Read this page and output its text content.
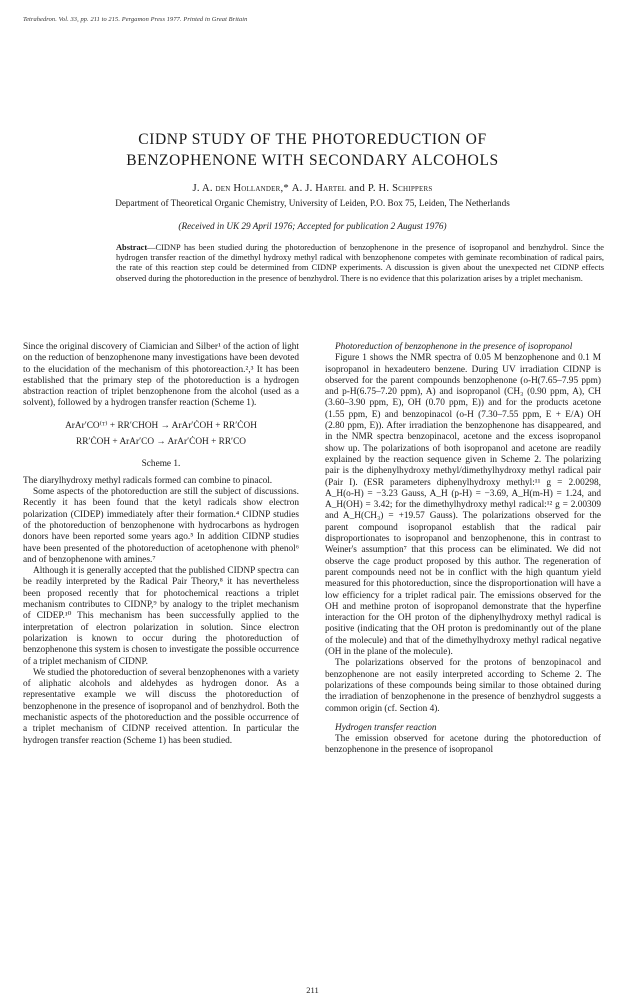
Tetrahedron. Vol. 33, pp. 211 to 215. Pergamon Press 1977. Printed in Great Britain
CIDNP STUDY OF THE PHOTOREDUCTION OF
BENZOPHENONE WITH SECONDARY ALCOHOLS
J. A. den Hollander,* A. J. Hartel and P. H. Schippers
Department of Theoretical Organic Chemistry, University of Leiden, P.O. Box 75, Leiden, The Netherlands
(Received in UK 29 April 1976; Accepted for publication 2 August 1976)
Abstract—CIDNP has been studied during the photoreduction of benzophenone in the presence of isopropanol and benzhydrol. Since the hydrogen transfer reaction of the dimethyl hydroxy methyl radical with benzophenone competes with geminate recombination of radical pairs, the rate of this reaction step could be determined from CIDNP experiments. A discussion is given about the unexpected net CIDNP effects observed during the photoreduction in the presence of benzhydrol. There is no evidence that this polarization arises by a triplet mechanism.

Since the original discovery of Ciamician and Silber¹ of the action of light on the reduction of benzophenone many investigations have been devoted to the elucidation of the mechanism of this photoreaction.²,³ It has been established that the primary step of the photoreduction is a hydrogen abstraction reaction of triplet benzophenone from the alcohol (used as a solvent), followed by a hydrogen transfer reaction (Scheme 1).

ArAr′CO⁽ᵀ⁾ + RR′CHOH → ArAr′ĊOH + RR′ĊOH
RR′ĊOH + ArAr′CO → ArAr′ĊOH + RR′CO
Scheme 1.

The diarylhydroxy methyl radicals formed can combine to pinacol.

Some aspects of the photoreduction are still the subject of discussions. Recently it has been found that the ketyl radicals show electron polarization (CIDEP) immediately after their formation.⁴ CIDNP studies of the photoreduction of benzophenone with hydrocarbons as hydrogen donors have been reported some years ago.⁵ In addition CIDNP studies have been presented of the photoreduction of acetophenone with phenol⁶ and of benzophenone with amines.⁷

Although it is generally accepted that the published CIDNP spectra can be readily interpreted by the Radical Pair Theory,⁸ it has nevertheless been proposed recently that for photochemical reactions a triplet mechanism contributes to CIDNP,⁹ by analogy to the triplet mechanism of CIDEP.¹⁰ This mechanism has been successfully applied to the interpretation of electron polarization in solution. Since electron polarization is known to occur during the photoreduction of benzophenone this system is chosen to investigate the possible occurrence of a triplet mechanism of CIDNP.

We studied the photoreduction of several benzophenones with a variety of aliphatic alcohols and aldehydes as hydrogen donor. As a representative example we will discuss the photoreduction of benzophenone in the presence of isopropanol and of benzhydrol. Both the mechanistic aspects of the photoreduction and the possible occurrence of a triplet mechanism of CIDNP received attention. In particular the hydrogen transfer reaction (Scheme 1) has been studied.

Photoreduction of benzophenone in the presence of isopropanol

Figure 1 shows the NMR spectra of 0.05 M benzophenone and 0.1 M isopropanol in hexadeutero benzene. During UV irradiation CIDNP is observed for the parent compounds benzophenone (o-H(7.65–7.95 ppm) and p-H(6.75–7.20 ppm), A) and isopropanol (CH₃ (0.90 ppm, A), CH (3.60–3.90 ppm, E), OH (0.70 ppm, E)) and for the products acetone (1.55 ppm, E) and benzopinacol (o-H (7.30–7.55 ppm, E + E/A) OH (2.80 ppm, E)). After irradiation the benzophenone has disappeared, and in the NMR spectra benzopinacol, acetone and the excess isopropanol show up. The polarizations of both isopropanol and acetone are readily explained by the reaction sequence given in Scheme 2. The polarizing pair is the diphenylhydroxy methyl/dimethylhydroxy methyl radical pair (Pair I). (ESR parameters diphenylhydroxy methyl:¹¹ g = 2.00298, A_H(o-H) = −3.23 Gauss, A_H (p-H) = −3.69, A_H(m-H) = 1.24, and A_H(OH) = 3.42; for the dimethylhydroxy methyl radical:¹² g = 2.00309 and A_H(CH₃) = +19.57 Gauss). The polarizations observed for the parent compound isopropanol establish that the radical pair disproportionates to isopropanol and benzophenone, this in contrast to Weiner's assumption⁷ that this process can be eliminated. We did not observe the cage product proposed by this author. The regeneration of parent compounds need not be in conflict with the high quantum yield measured for this photoreduction, since the disproportionation will have a low efficiency for a triplet radical pair. The emissions observed for the OH and methine proton of isopropanol demonstrate that the hyperfine interaction for the OH proton of the diphenylhydroxy methyl radical is positive (indicating that the OH proton is predominantly out of the plane of the molecule) and that of the dimethylhydroxy methyl radical negative (OH in the plane of the molecule).

The polarizations observed for the protons of benzopinacol and benzophenone are not easily interpreted according to Scheme 2. The polarizations of these compounds being similar to those obtained during the irradiation of benzophenone in the presence of benzhydrol suggests a common origin (cf. Section 4).

Hydrogen transfer reaction

The emission observed for acetone during the photoreduction of benzophenone in the presence of isopropanol

211
